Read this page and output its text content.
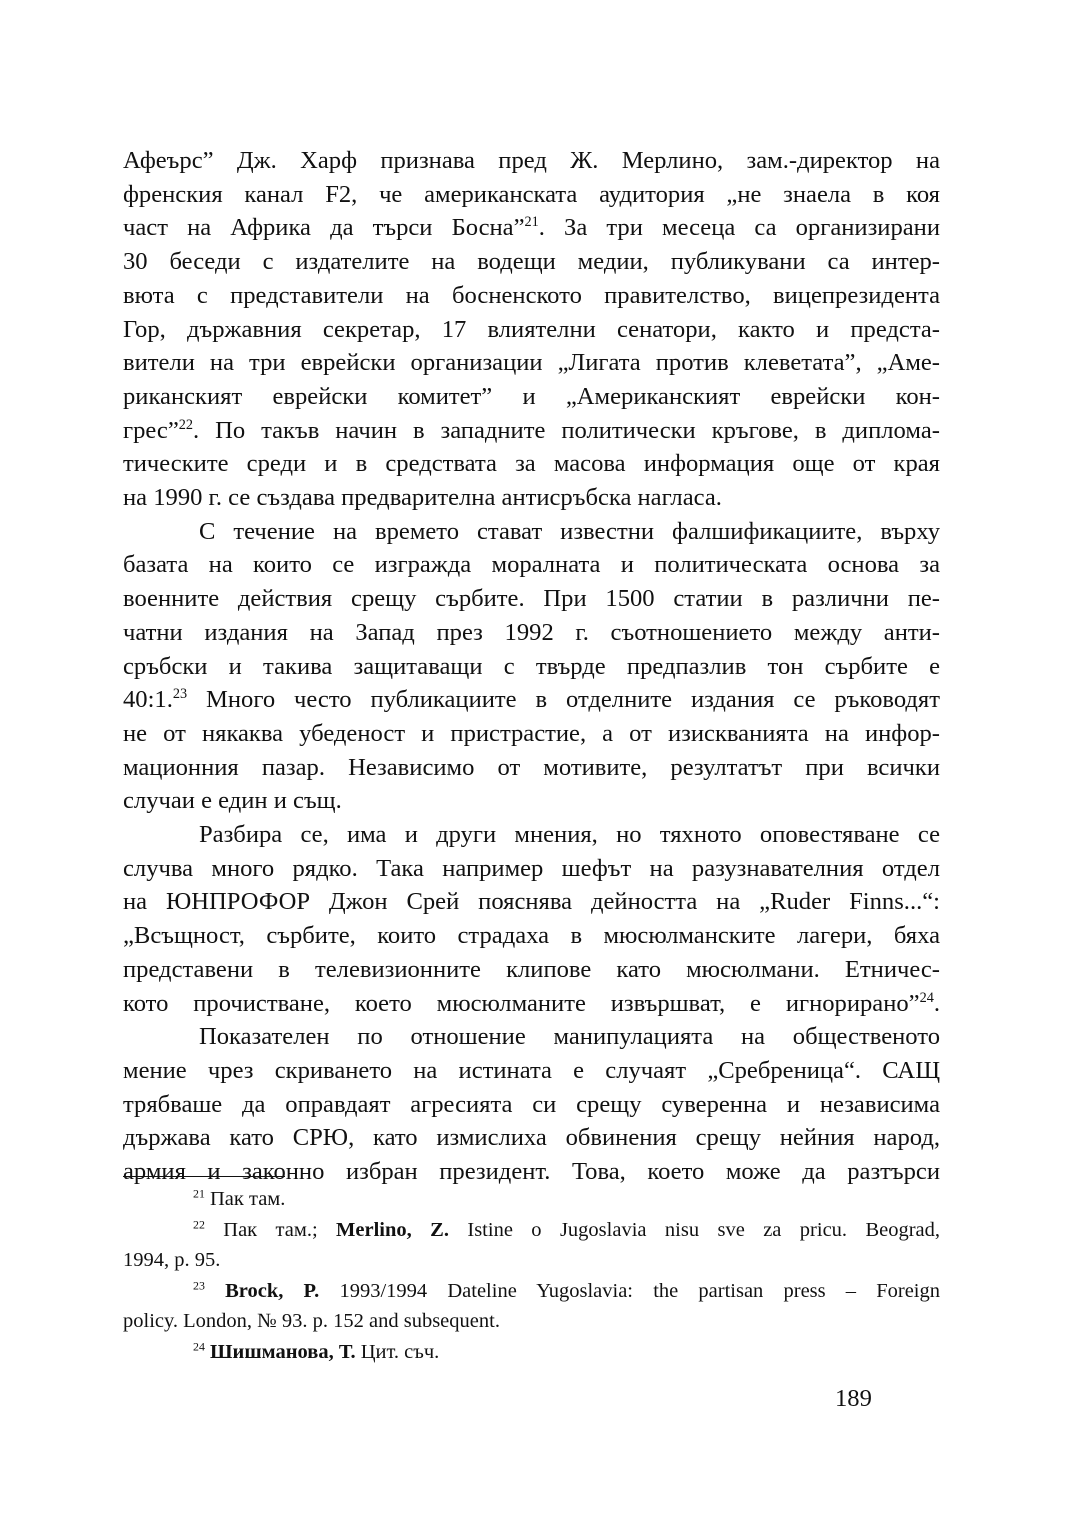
Афеърс” Дж. Харф признава пред Ж. Мерлино, зам.-директор на
френския канал F2, че американската аудитория „не знаела в коя
част на Африка да търси Босна”$^{21}$. За три месеца са организирани
30 беседи с издателите на водещи медии, публикувани са интер-
вюта с представители на босненското правителство, вицепрезидента
Гор, държавния секретар, 17 влиятелни сенатори, както и предста-
вители на три еврейски организации „Лигата против клеветата”, „Аме-
риканският еврейски комитет” и „Американският еврейски кон-
грес”$^{22}$. По такъв начин в западните политически кръгове, в дипломa-
тическите среди и в средствата за масова информация още от края
на 1990 г. се създава предварителна антисръбска нагласа.
С течение на времето стават известни фалшификациите, върху
базата на които се изгражда моралната и политическата основа за
военните действия срещу сърбите. При 1500 статии в различни пе-
чатни издания на Запад през 1992 г. съотношението между анти-
сръбски и такива защитаващи с твърде предпазлив тон сърбите е
40:1.23 Много често публикациите в отделните издания се ръководят
не от някаква убеденост и пристрастие, а от изискванията на инфор-
мационния пазар. Независимо от мотивите, резултатът при всички
случаи е един и същ.
Разбира се, има и други мнения, но тяхното оповестяване се
случва много рядко. Така например шефът на разузнавателния отдел
на ЮНПРОФОР Джон Срей пояснява дейността на „Ruder Finns...“:
„Всъщност, сърбите, които страдаха в мюсюлманските лагери, бяха
представени в телевизионните клипове като мюсюлмани. Етничес-
кото прочистване, което мюсюлманите извършват, е игнорирано”$^{24}$.
Показателен по отношение манипулацията на общественото
мение чрез скриването на истината е случаят „Сребреница“. САЩ
трябваше да оправдаят агресията си срещу суверенна и независима
държава като СРЮ, като измислиха обвинения срещу нейния народ,
армия и законно избран президент. Това, което може да разтърси
$^{21}$ Пак там.
$^{22}$ Пак там.; Merlino, Z. Istine o Jugoslavia nisu sve za pricu. Beograd,
1994, p. 95.
$^{23}$ Brock, P. 1993/1994 Dateline Yugoslavia: the partisan press – Foreign
policy. London, № 93. p. 152 and subsequent.
$^{24}$ Шишманова, Т. Цит. съч.
189
